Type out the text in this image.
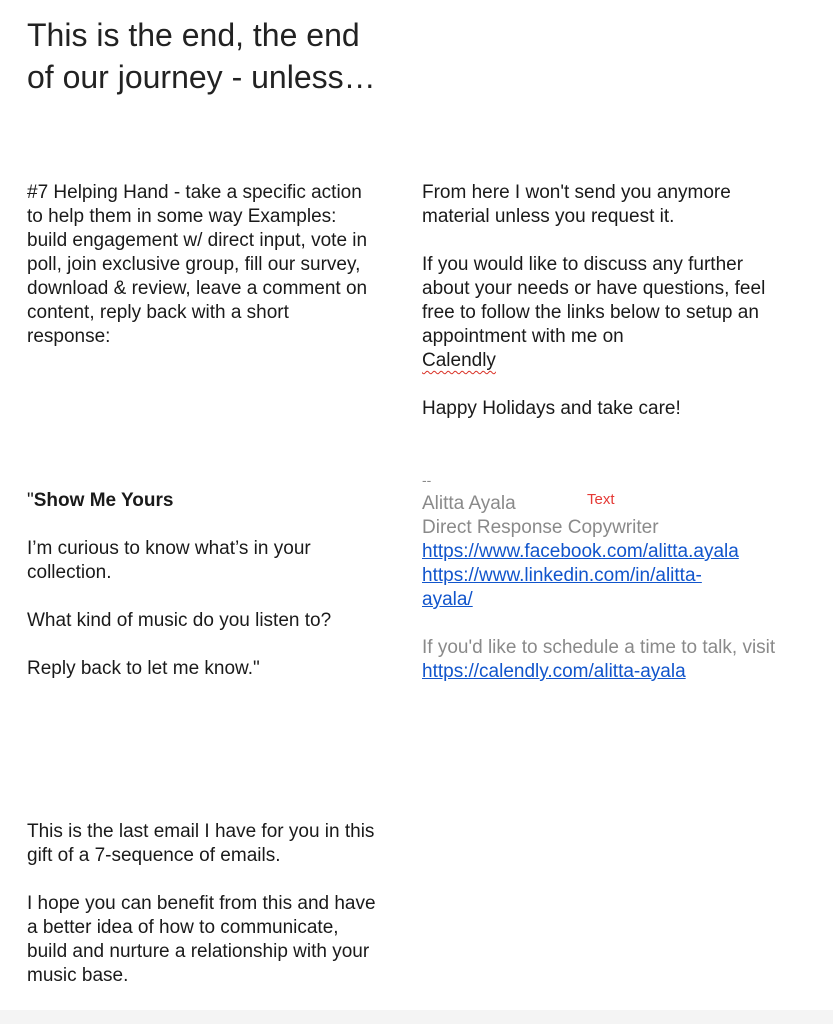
This is the end, the end of our journey - unless…
#7 Helping Hand - take a specific action to help them in some way Examples: build engagement w/ direct input, vote in poll, join exclusive group, fill our survey, download & review, leave a comment on content, reply back with a short response:
"Show Me Yours
I’m curious to know what’s in your collection.
What kind of music do you listen to?
Reply back to let me know."
This is the last email I have for you in this gift of a 7-sequence of emails.
I hope you can benefit from this and have a better idea of how to communicate, build and nurture a relationship with your music base.
From here I won't send you anymore material unless you request it.
If you would like to discuss any further about your needs or have questions, feel free to follow the links below to setup an appointment with me on
Calendly
Happy Holidays and take care!
--
Alitta Ayala
Direct Response Copywriter
https://www.facebook.com/alitta.ayala
https://www.linkedin.com/in/alitta-ayala/
If you'd like to schedule a time to talk, visit
https://calendly.com/alitta-ayala
Text
